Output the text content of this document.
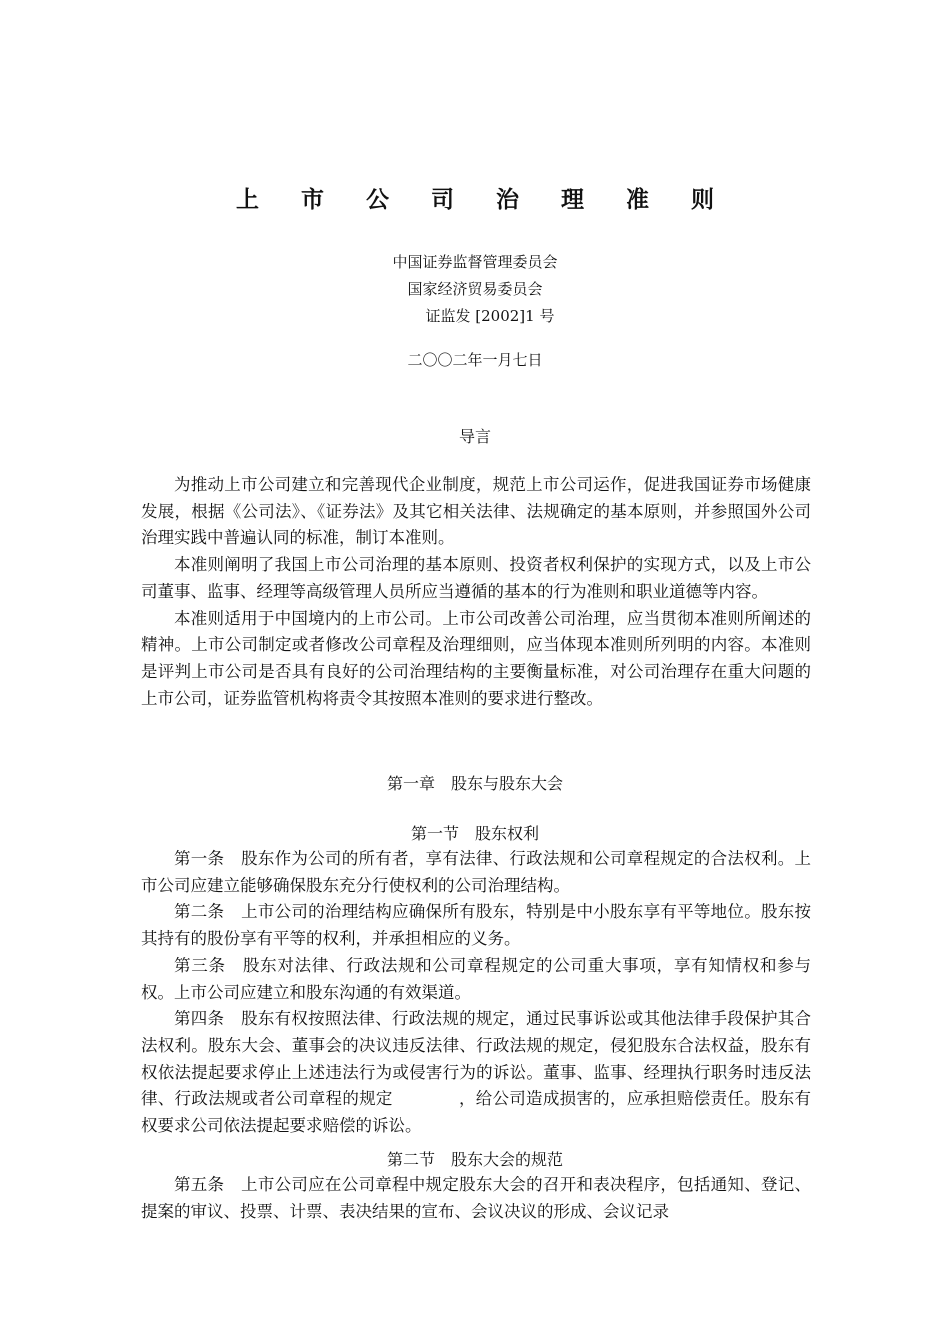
上 市 公 司 治 理 准 则
中国证券监督管理委员会
国家经济贸易委员会
证监发 [2002]1 号
二〇〇二年一月七日
导言

为推动上市公司建立和完善现代企业制度，规范上市公司运作，促进我国证券市场健康发展，根据《公司法》、《证券法》及其它相关法律、法规确定的基本原则，并参照国外公司治理实践中普遍认同的标准，制订本准则。

本准则阐明了我国上市公司治理的基本原则、投资者权利保护的实现方式，以及上市公司董事、监事、经理等高级管理人员所应当遵循的基本的行为准则和职业道德等内容。

本准则适用于中国境内的上市公司。上市公司改善公司治理，应当贯彻本准则所阐述的精神。上市公司制定或者修改公司章程及治理细则，应当体现本准则所列明的内容。本准则是评判上市公司是否具有良好的公司治理结构的主要衡量标准，对公司治理存在重大问题的上市公司，证券监管机构将责令其按照本准则的要求进行整改。

第一章　股东与股东大会
第一节　股东权利

第一条　股东作为公司的所有者，享有法律、行政法规和公司章程规定的合法权利。上市公司应建立能够确保股东充分行使权利的公司治理结构。

第二条　上市公司的治理结构应确保所有股东，特别是中小股东享有平等地位。股东按其持有的股份享有平等的权利，并承担相应的义务。

第三条　股东对法律、行政法规和公司章程规定的公司重大事项，享有知情权和参与权。上市公司应建立和股东沟通的有效渠道。

第四条　股东有权按照法律、行政法规的规定，通过民事诉讼或其他法律手段保护其合法权利。股东大会、董事会的决议违反法律、行政法规的规定，侵犯股东合法权益，股东有权依法提起要求停止上述违法行为或侵害行为的诉讼。董事、监事、经理执行职务时违反法律、行政法规或者公司章程的规定	，给公司造成损害的，应承担赔偿责任。股东有权要求公司依法提起要求赔偿的诉讼。

第二节　股东大会的规范

第五条　上市公司应在公司章程中规定股东大会的召开和表决程序，包括通知、登记、提案的审议、投票、计票、表决结果的宣布、会议决议的形成、会议记录
